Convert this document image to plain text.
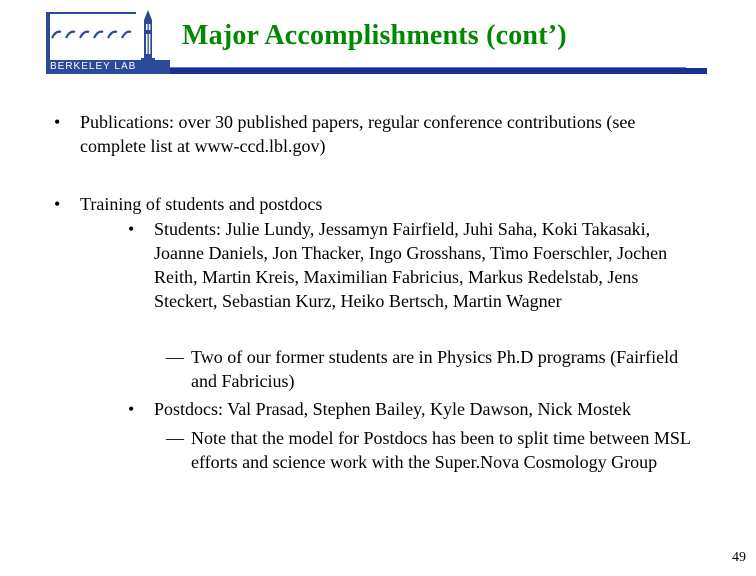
BERKELEY LAB
Major Accomplishments (cont’)
•	Publications: over 30 published papers, regular conference contributions (see complete list at www-ccd.lbl.gov)
•	Training of students and postdocs
•	Students: Julie Lundy, Jessamyn Fairfield, Juhi Saha, Koki Takasaki, Joanne Daniels, Jon Thacker, Ingo Grosshans, Timo Foerschler, Jochen Reith, Martin Kreis, Maximilian Fabricius, Markus Redelstab, Jens Steckert, Sebastian Kurz, Heiko Bertsch, Martin Wagner
— Two of our former students are in Physics Ph.D programs (Fairfield and Fabricius)
•	Postdocs: Val Prasad, Stephen Bailey, Kyle Dawson, Nick Mostek
— Note that the model for Postdocs has been to split time between MSL efforts and science work with the Super.Nova Cosmology Group
49
